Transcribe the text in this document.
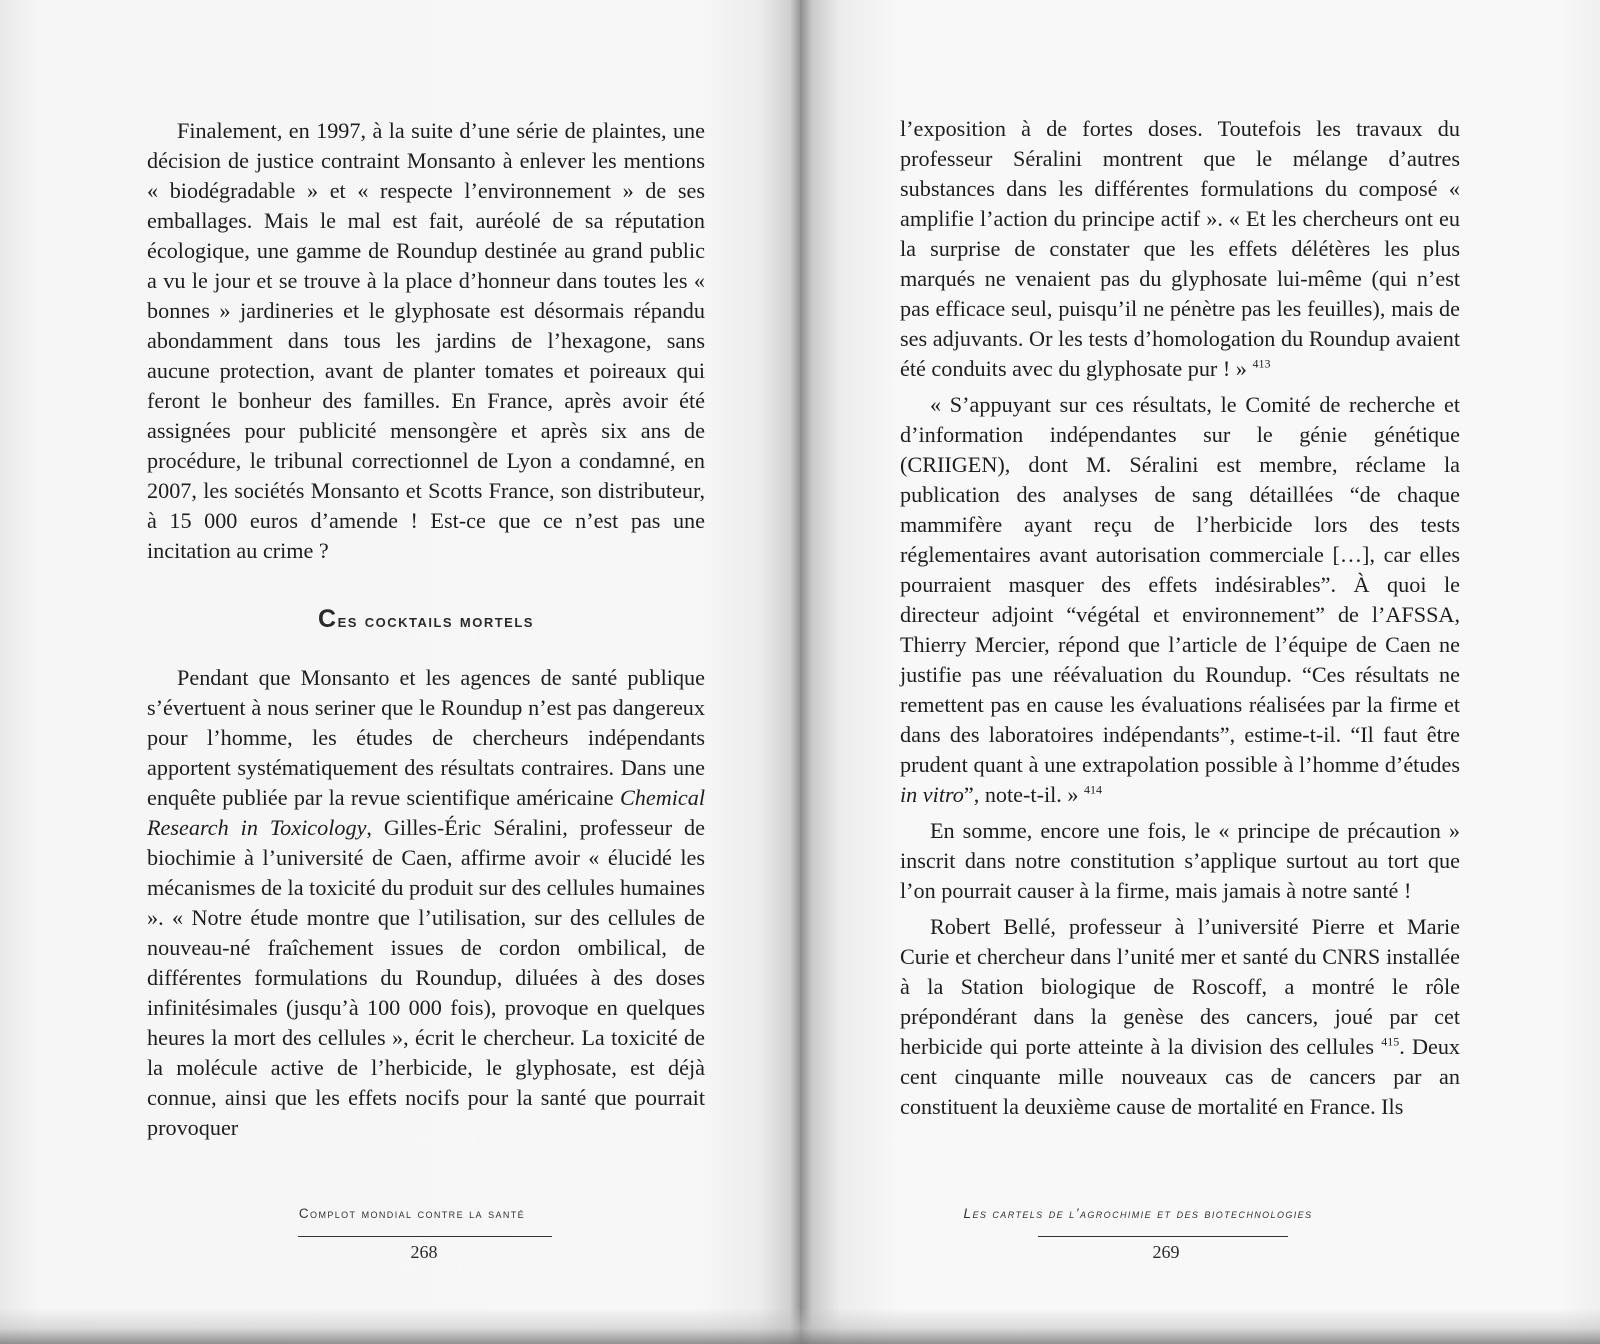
Finalement, en 1997, à la suite d’une série de plaintes, une décision de justice contraint Monsanto à enlever les mentions « biodégradable » et « respecte l’environnement » de ses emballages. Mais le mal est fait, auréolé de sa réputation écologique, une gamme de Roundup destinée au grand public a vu le jour et se trouve à la place d’honneur dans toutes les « bonnes » jardineries et le glyphosate est désormais répandu abondamment dans tous les jardins de l’hexagone, sans aucune protection, avant de planter tomates et poireaux qui feront le bonheur des familles. En France, après avoir été assignées pour publicité mensongère et après six ans de procédure, le tribunal correctionnel de Lyon a condamné, en 2007, les sociétés Monsanto et Scotts France, son distributeur, à 15 000 euros d’amende ! Est-ce que ce n’est pas une incitation au crime ?

Ces cocktails mortels

Pendant que Monsanto et les agences de santé publique s’évertuent à nous seriner que le Roundup n’est pas dangereux pour l’homme, les études de chercheurs indépendants apportent systématiquement des résultats contraires. Dans une enquête publiée par la revue scientifique américaine Chemical Research in Toxicology, Gilles-Éric Séralini, professeur de biochimie à l’université de Caen, affirme avoir « élucidé les mécanismes de la toxicité du produit sur des cellules humaines ». « Notre étude montre que l’utilisation, sur des cellules de nouveau-né fraîchement issues de cordon ombilical, de différentes formulations du Roundup, diluées à des doses infinitésimales (jusqu’à 100 000 fois), provoque en quelques heures la mort des cellules », écrit le chercheur. La toxicité de la molécule active de l’herbicide, le glyphosate, est déjà connue, ainsi que les effets nocifs pour la santé que pourrait provoquer

Complot mondial contre la santé
268

l’exposition à de fortes doses. Toutefois les travaux du professeur Séralini montrent que le mélange d’autres substances dans les différentes formulations du composé « amplifie l’action du principe actif ». « Et les chercheurs ont eu la surprise de constater que les effets délétères les plus marqués ne venaient pas du glyphosate lui-même (qui n’est pas efficace seul, puisqu’il ne pénètre pas les feuilles), mais de ses adjuvants. Or les tests d’homologation du Roundup avaient été conduits avec du glyphosate pur ! » $^{413}$

« S’appuyant sur ces résultats, le Comité de recherche et d’information indépendantes sur le génie génétique (CRIIGEN), dont M. Séralini est membre, réclame la publication des analyses de sang détaillées “de chaque mammifère ayant reçu de l’herbicide lors des tests réglementaires avant autorisation commerciale […], car elles pourraient masquer des effets indésirables”. À quoi le directeur adjoint “végétal et environnement” de l’AFSSA, Thierry Mercier, répond que l’article de l’équipe de Caen ne justifie pas une réévaluation du Roundup. “Ces résultats ne remettent pas en cause les évaluations réalisées par la firme et dans des laboratoires indépendants”, estime-t-il. “Il faut être prudent quant à une extrapolation possible à l’homme d’études in vitro”, note-t-il. » $^{414}$

En somme, encore une fois, le « principe de précaution » inscrit dans notre constitution s’applique surtout au tort que l’on pourrait causer à la firme, mais jamais à notre santé !

Robert Bellé, professeur à l’université Pierre et Marie Curie et chercheur dans l’unité mer et santé du CNRS installée à la Station biologique de Roscoff, a montré le rôle prépondérant dans la genèse des cancers, joué par cet herbicide qui porte atteinte à la division des cellules $^{415}$. Deux cent cinquante mille nouveaux cas de cancers par an constituent la deuxième cause de mortalité en France. Ils

Les cartels de l’agrochimie et des biotechnologies
269
